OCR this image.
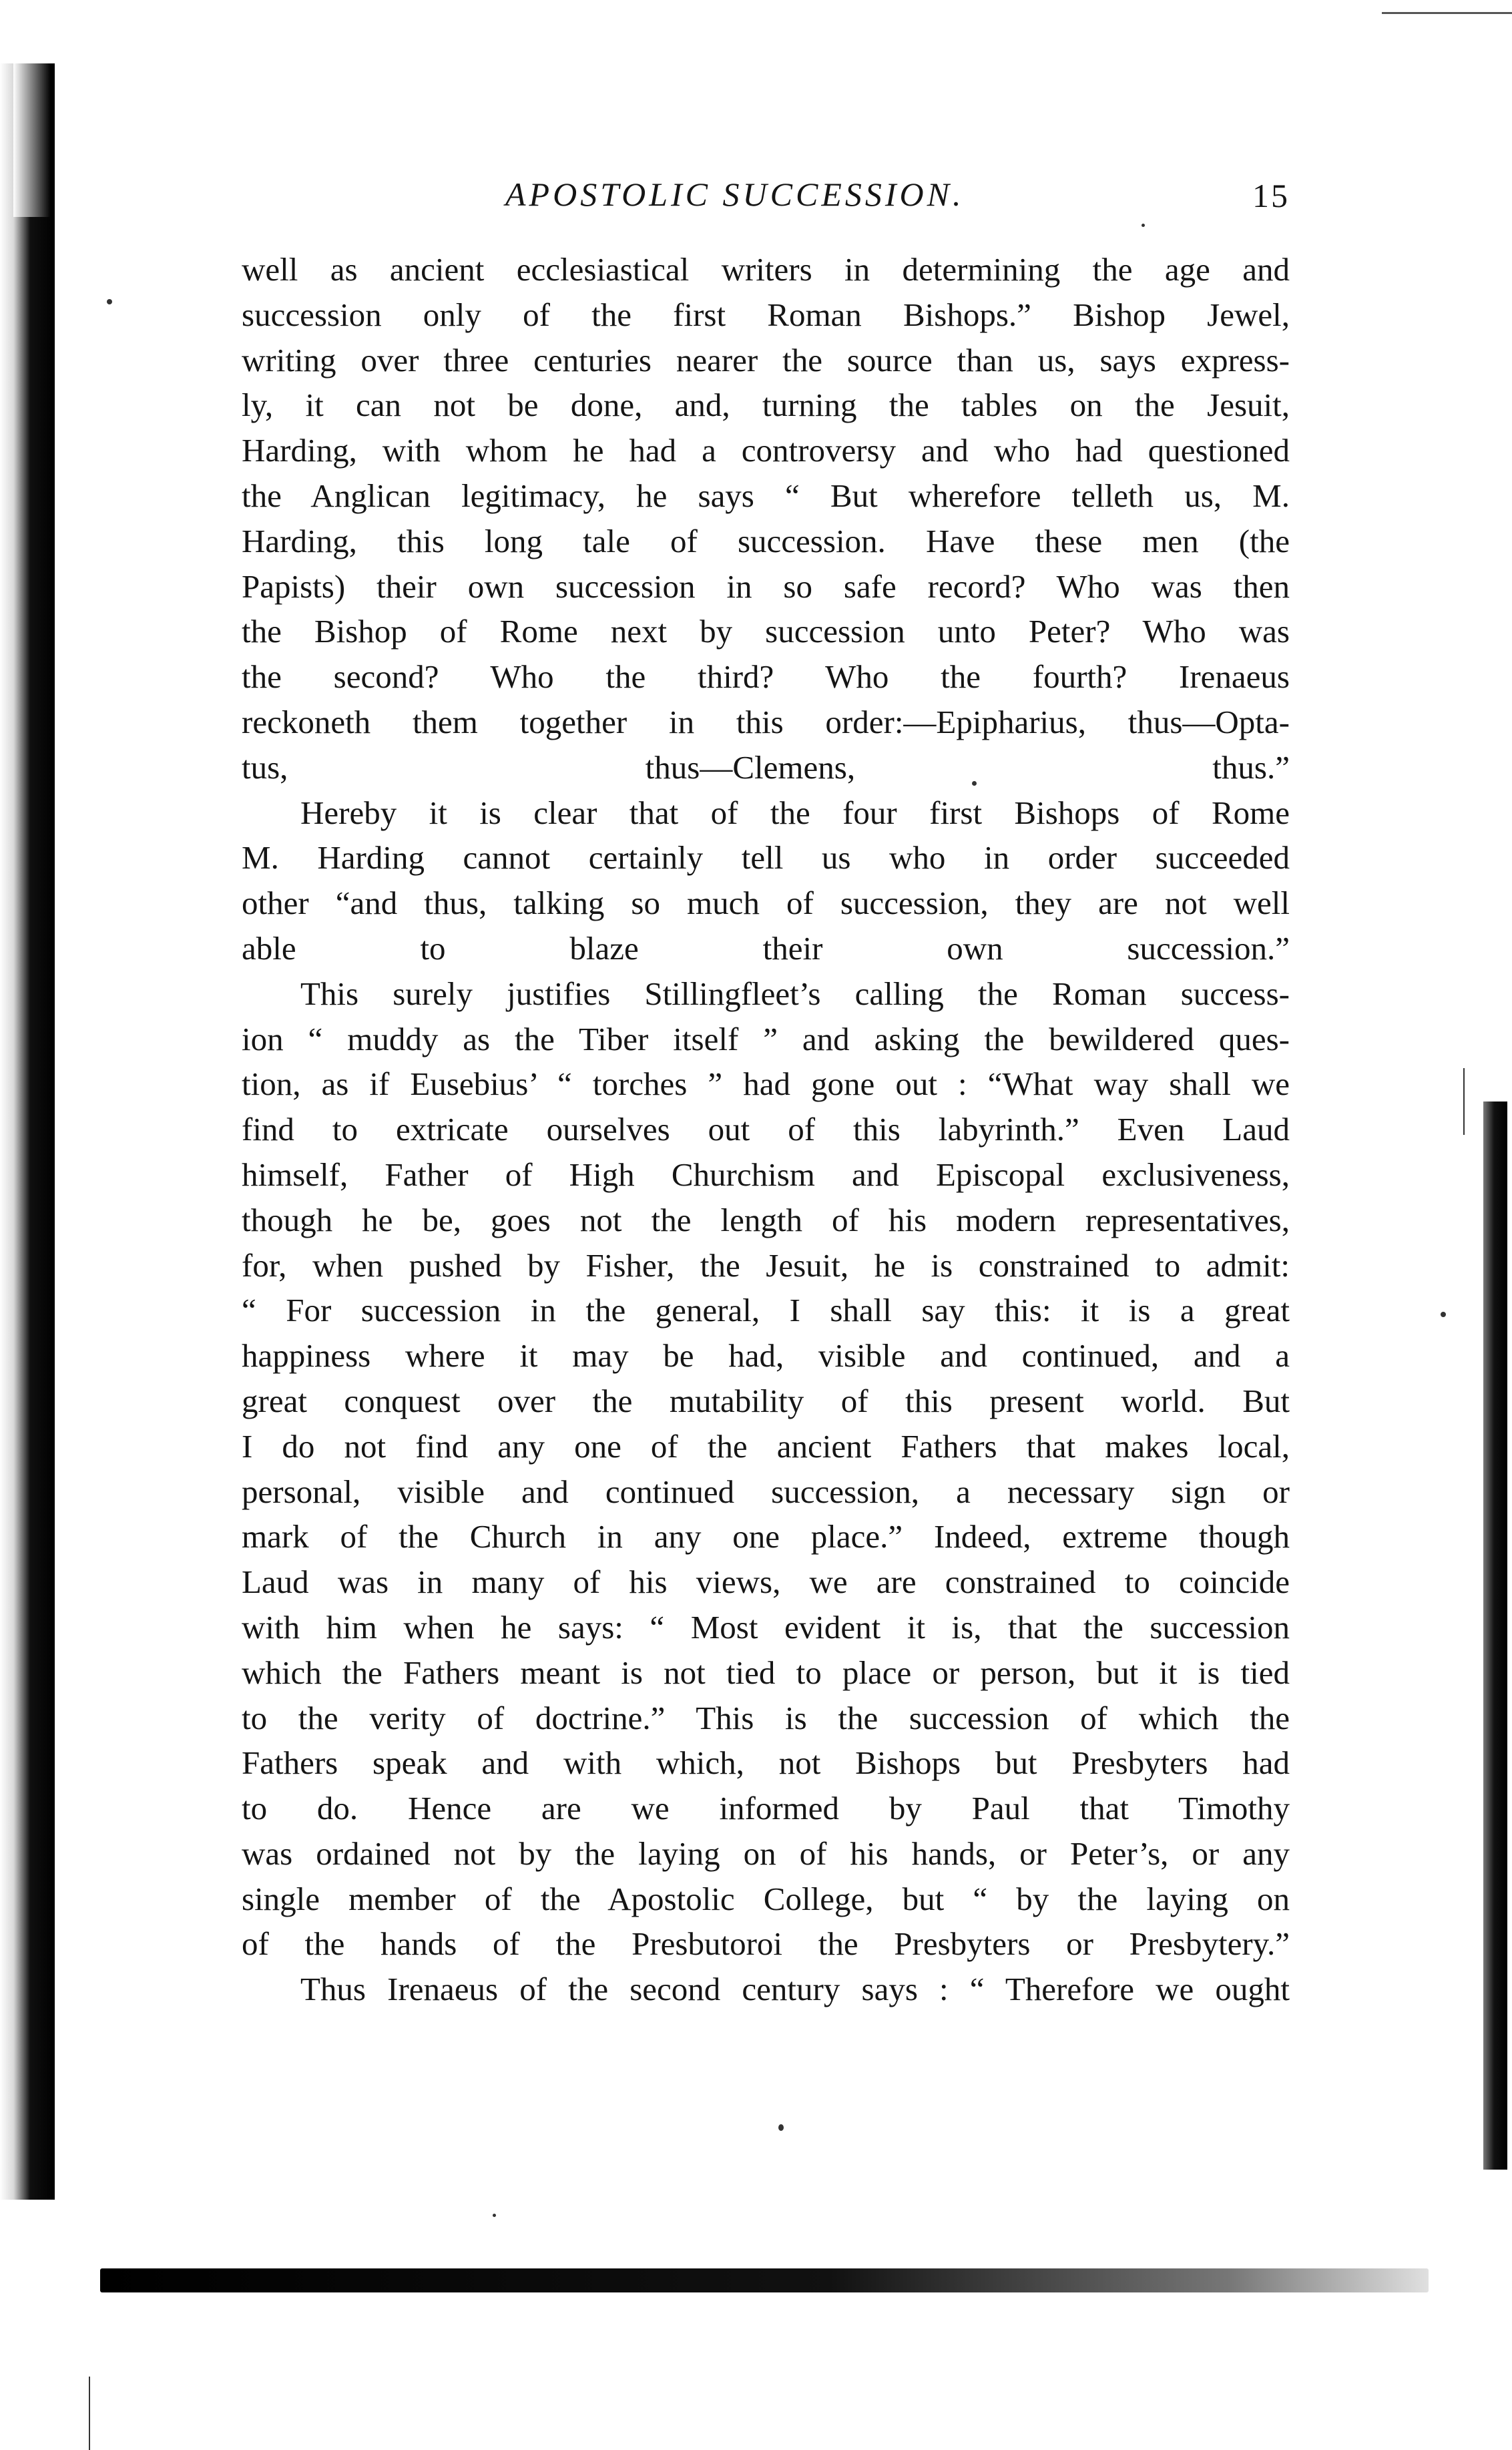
APOSTOLIC SUCCESSION.	15

well as ancient ecclesiastical writers in determining the age and
succession only of the first Roman Bishops.” Bishop Jewel,
writing over three centuries nearer the source than us, says express-
ly, it can not be done, and, turning the tables on the Jesuit,
Harding, with whom he had a controversy and who had questioned
the Anglican legitimacy, he says “ But wherefore telleth us, M.
Harding, this long tale of succession. Have these men (the
Papists) their own succession in so safe record? Who was then
the Bishop of Rome next by succession unto Peter? Who was
the second? Who the third? Who the fourth? Irenaeus
reckoneth them together in this order:—Epipharius, thus—Opta-
tus, thus—Clemens, thus.”

Hereby it is clear that of the four first Bishops of Rome
M. Harding cannot certainly tell us who in order succeeded
other “and thus, talking so much of succession, they are not well
able to blaze their own succession.”

This surely justifies Stillingfleet’s calling the Roman success-
ion “ muddy as the Tiber itself ” and asking the bewildered ques-
tion, as if Eusebius’ “ torches ” had gone out : “What way shall we
find to extricate ourselves out of this labyrinth.” Even Laud
himself, Father of High Churchism and Episcopal exclusiveness,
though he be, goes not the length of his modern representatives,
for, when pushed by Fisher, the Jesuit, he is constrained to admit:
“ For succession in the general, I shall say this: it is a great
happiness where it may be had, visible and continued, and a
great conquest over the mutability of this present world. But
I do not find any one of the ancient Fathers that makes local,
personal, visible and continued succession, a necessary sign or
mark of the Church in any one place.” Indeed, extreme though
Laud was in many of his views, we are constrained to coincide
with him when he says: “ Most evident it is, that the succession
which the Fathers meant is not tied to place or person, but it is tied
to the verity of doctrine.” This is the succession of which the
Fathers speak and with which, not Bishops but Presbyters had
to do. Hence are we informed by Paul that Timothy
was ordained not by the laying on of his hands, or Peter’s, or any
single member of the Apostolic College, but “ by the laying on
of the hands of the Presbutoroi the Presbyters or Presbytery.”

Thus Irenaeus of the second century says : “ Therefore we ought
